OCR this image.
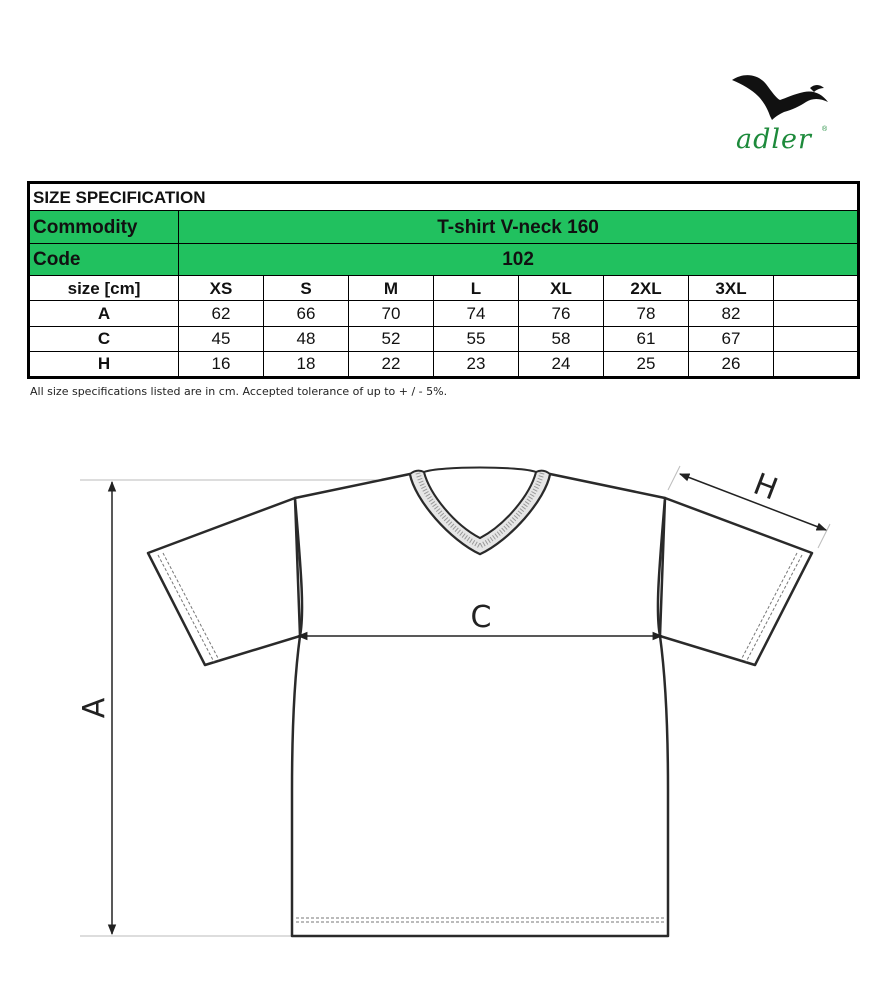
adler ®
SIZE SPECIFICATION								
Commodity	T-shirt V-neck 160							
Code	102							
size [cm]	XS	S	M	L	XL	2XL	3XL	
A	62	66	70	74	76	78	82	
C	45	48	52	55	58	61	67	
H	16	18	22	23	24	25	26	
All size specifications listed are in cm. Accepted tolerance of up to + / - 5%.
C
A
H
